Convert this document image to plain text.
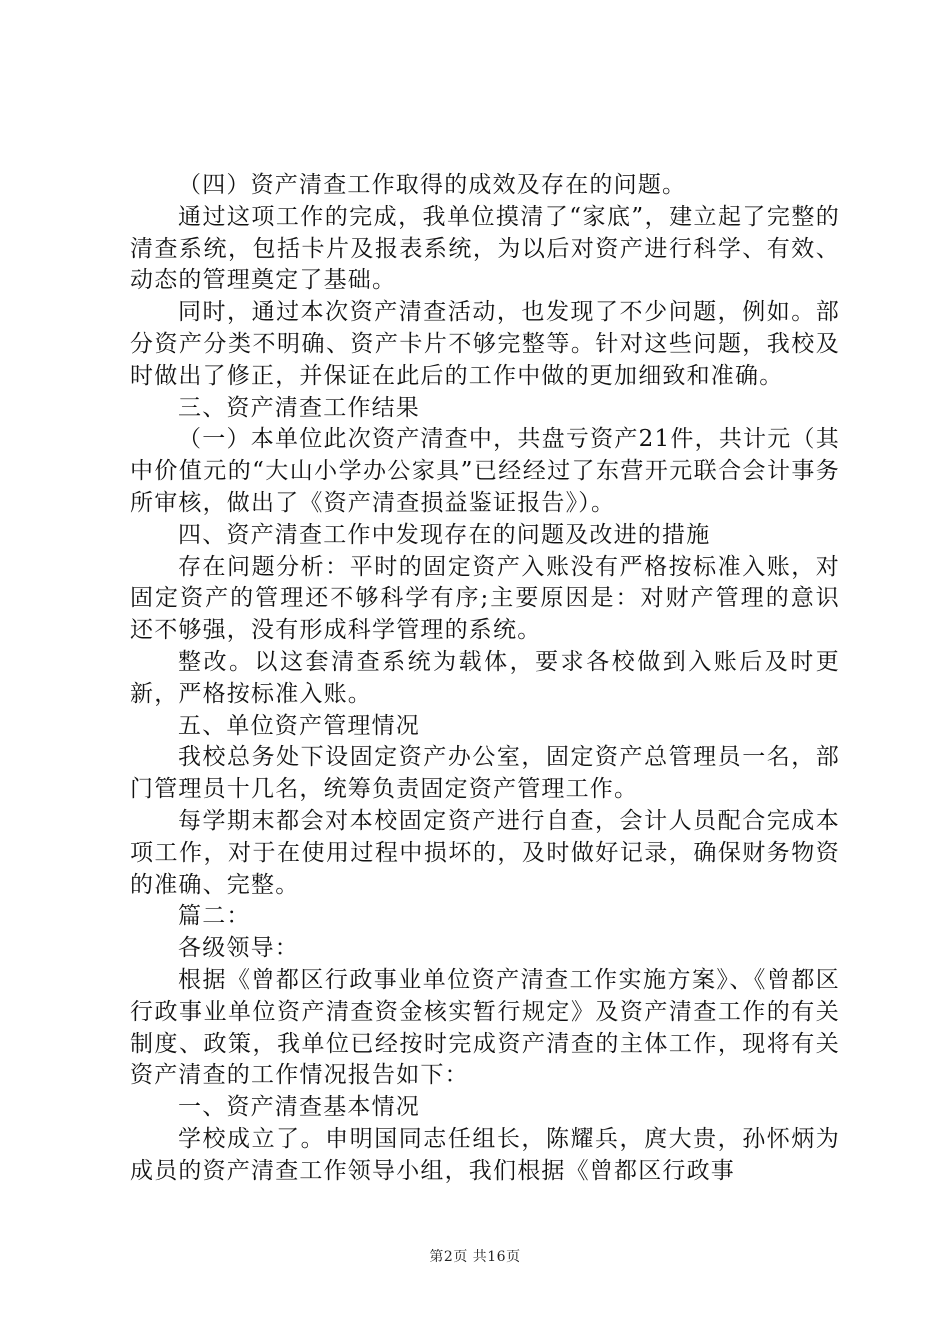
（四）资产清查工作取得的成效及存在的问题。

通过这项工作的完成，我单位摸清了“家底”，建立起了完整的清查系统，包括卡片及报表系统，为以后对资产进行科学、有效、动态的管理奠定了基础。

同时，通过本次资产清查活动，也发现了不少问题，例如。部分资产分类不明确、资产卡片不够完整等。针对这些问题，我校及时做出了修正，并保证在此后的工作中做的更加细致和准确。

三、资产清查工作结果

（一）本单位此次资产清查中，共盘亏资产21件，共计元（其中价值元的“大山小学办公家具”已经经过了东营开元联合会计事务所审核，做出了《资产清查损益鉴证报告》）。

四、资产清查工作中发现存在的问题及改进的措施

存在问题分析：平时的固定资产入账没有严格按标准入账，对固定资产的管理还不够科学有序;主要原因是：对财产管理的意识还不够强，没有形成科学管理的系统。

整改。以这套清查系统为载体，要求各校做到入账后及时更新，严格按标准入账。

五、单位资产管理情况

我校总务处下设固定资产办公室，固定资产总管理员一名，部门管理员十几名，统筹负责固定资产管理工作。

每学期末都会对本校固定资产进行自查，会计人员配合完成本项工作，对于在使用过程中损坏的，及时做好记录，确保财务物资的准确、完整。

篇二：

各级领导：

根据《曾都区行政事业单位资产清查工作实施方案》、《曾都区行政事业单位资产清查资金核实暂行规定》及资产清查工作的有关制度、政策，我单位已经按时完成资产清查的主体工作，现将有关资产清查的工作情况报告如下：

一、资产清查基本情况

学校成立了。申明国同志任组长，陈耀兵，庹大贵，孙怀炳为成员的资产清查工作领导小组，我们根据《曾都区行政事

第2页 共16页
